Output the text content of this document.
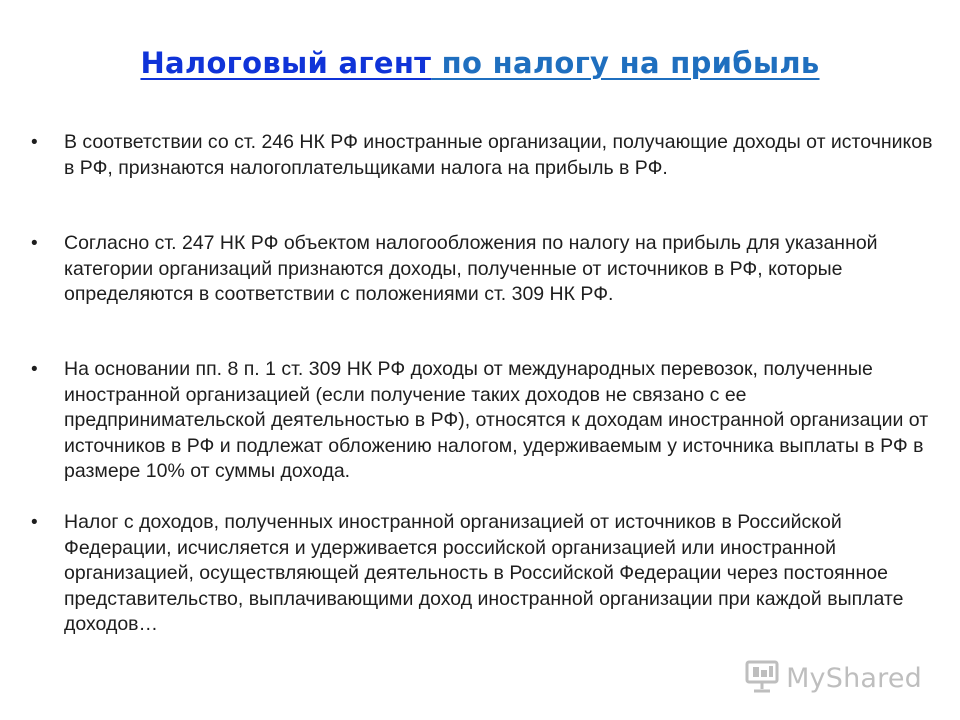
Налоговый агент по налогу на прибыль
• В соответствии со ст. 246 НК РФ иностранные организации, получающие доходы от источников в РФ, признаются налогоплательщиками налога на прибыль в РФ.
• Согласно ст. 247 НК РФ объектом налогообложения по налогу на прибыль для указанной категории организаций признаются доходы, полученные от источников в РФ, которые определяются в соответствии с положениями ст. 309 НК РФ.
• На основании пп. 8 п. 1 ст. 309 НК РФ доходы от международных перевозок, полученные иностранной организацией (если получение таких доходов не связано с ее предпринимательской деятельностью в РФ), относятся к доходам иностранной организации от источников в РФ и подлежат обложению налогом, удерживаемым у источника выплаты в РФ в размере 10% от суммы дохода.
• Налог с доходов, полученных иностранной организацией от источников в Российской Федерации, исчисляется и удерживается российской организацией или иностранной организацией, осуществляющей деятельность в Российской Федерации через постоянное представительство, выплачивающими доход иностранной организации при каждой выплате доходов…
MyShared
